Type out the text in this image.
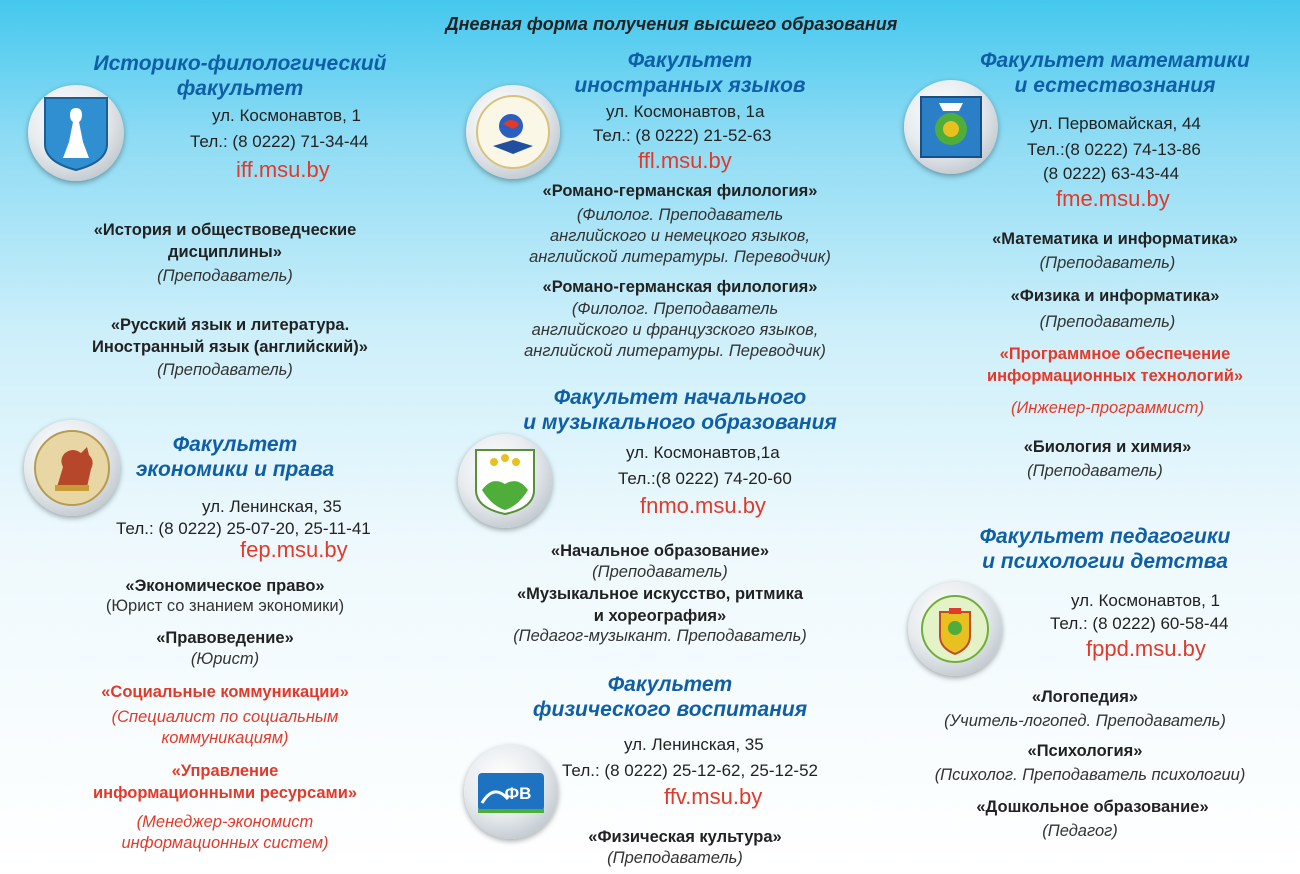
Дневная форма получения высшего образования
Историко-филологический
факультет
ул. Космонавтов, 1
Тел.: (8 0222) 71-34-44
iff.msu.by
«История и обществоведческие
дисциплины»
(Преподаватель)
«Русский язык и литература.
Иностранный язык (английский)»
(Преподаватель)
Факультет
экономики и права
ул. Ленинская, 35
Тел.: (8 0222) 25-07-20, 25-11-41
fep.msu.by
«Экономическое право»
(Юрист со знанием экономики)
«Правоведение»
(Юрист)
«Социальные коммуникации»
(Специалист по социальным
коммуникациям)
«Управление
информационными ресурсами»
(Менеджер-экономист
информационных систем)
Факультет
иностранных языков
ул. Космонавтов, 1а
Тел.: (8 0222) 21-52-63
ffl.msu.by
«Романо-германская филология»
(Филолог. Преподаватель
английского и немецкого языков,
английской литературы. Переводчик)
«Романо-германская филология»
(Филолог. Преподаватель
английского и французского языков,
английской литературы. Переводчик)
Факультет начального
и музыкального образования
ул. Космонавтов,1а
Тел.:(8 0222) 74-20-60
fnmo.msu.by
«Начальное образование»
(Преподаватель)
«Музыкальное искусство, ритмика
и хореография»
(Педагог-музыкант. Преподаватель)
Факультет
физического воспитания
ФВ
ул. Ленинская, 35
Тел.: (8 0222) 25-12-62, 25-12-52
ffv.msu.by
«Физическая культура»
(Преподаватель)
Факультет математики
и естествознания
ул. Первомайская, 44
Тел.:(8 0222) 74-13-86
(8 0222) 63-43-44
fme.msu.by
«Математика и информатика»
(Преподаватель)
«Физика и информатика»
(Преподаватель)
«Программное обеспечение
информационных технологий»
(Инженер-программист)
«Биология и химия»
(Преподаватель)
Факультет педагогики
и психологии детства
ул. Космонавтов, 1
Тел.: (8 0222) 60-58-44
fppd.msu.by
«Логопедия»
(Учитель-логопед. Преподаватель)
«Психология»
(Психолог. Преподаватель психологии)
«Дошкольное образование»
(Педагог)
